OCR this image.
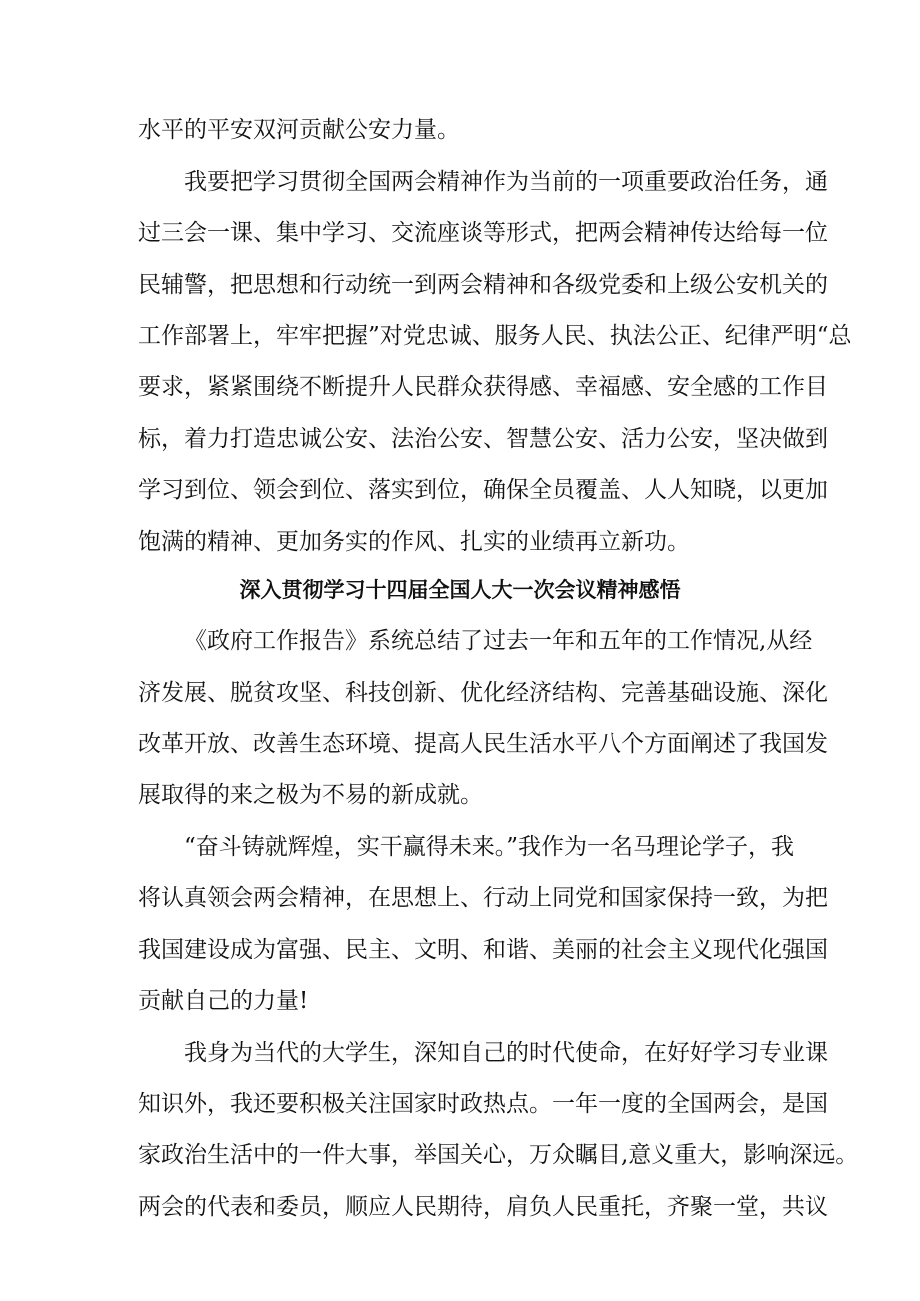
水平的平安双河贡献公安力量。
我要把学习贯彻全国两会精神作为当前的一项重要政治任务，通
过三会一课、集中学习、交流座谈等形式，把两会精神传达给每一位
民辅警，把思想和行动统一到两会精神和各级党委和上级公安机关的
工作部署上，牢牢把握”对党忠诚、服务人民、执法公正、纪律严明“总
要求，紧紧围绕不断提升人民群众获得感、幸福感、安全感的工作目
标，着力打造忠诚公安、法治公安、智慧公安、活力公安，坚决做到
学习到位、领会到位、落实到位，确保全员覆盖、人人知晓，以更加
饱满的精神、更加务实的作风、扎实的业绩再立新功。
深入贯彻学习十四届全国人大一次会议精神感悟
《政府工作报告》系统总结了过去一年和五年的工作情况,从经
济发展、脱贫攻坚、科技创新、优化经济结构、完善基础设施、深化
改革开放、改善生态环境、提高人民生活水平八个方面阐述了我国发
展取得的来之极为不易的新成就。
“奋斗铸就辉煌，实干赢得未来。”我作为一名马理论学子，我
将认真领会两会精神，在思想上、行动上同党和国家保持一致，为把
我国建设成为富强、民主、文明、和谐、美丽的社会主义现代化强国
贡献自己的力量!
我身为当代的大学生，深知自己的时代使命，在好好学习专业课
知识外，我还要积极关注国家时政热点。一年一度的全国两会，是国
家政治生活中的一件大事，举国关心，万众瞩目,意义重大，影响深远。
两会的代表和委员，顺应人民期待，肩负人民重托，齐聚一堂，共议
